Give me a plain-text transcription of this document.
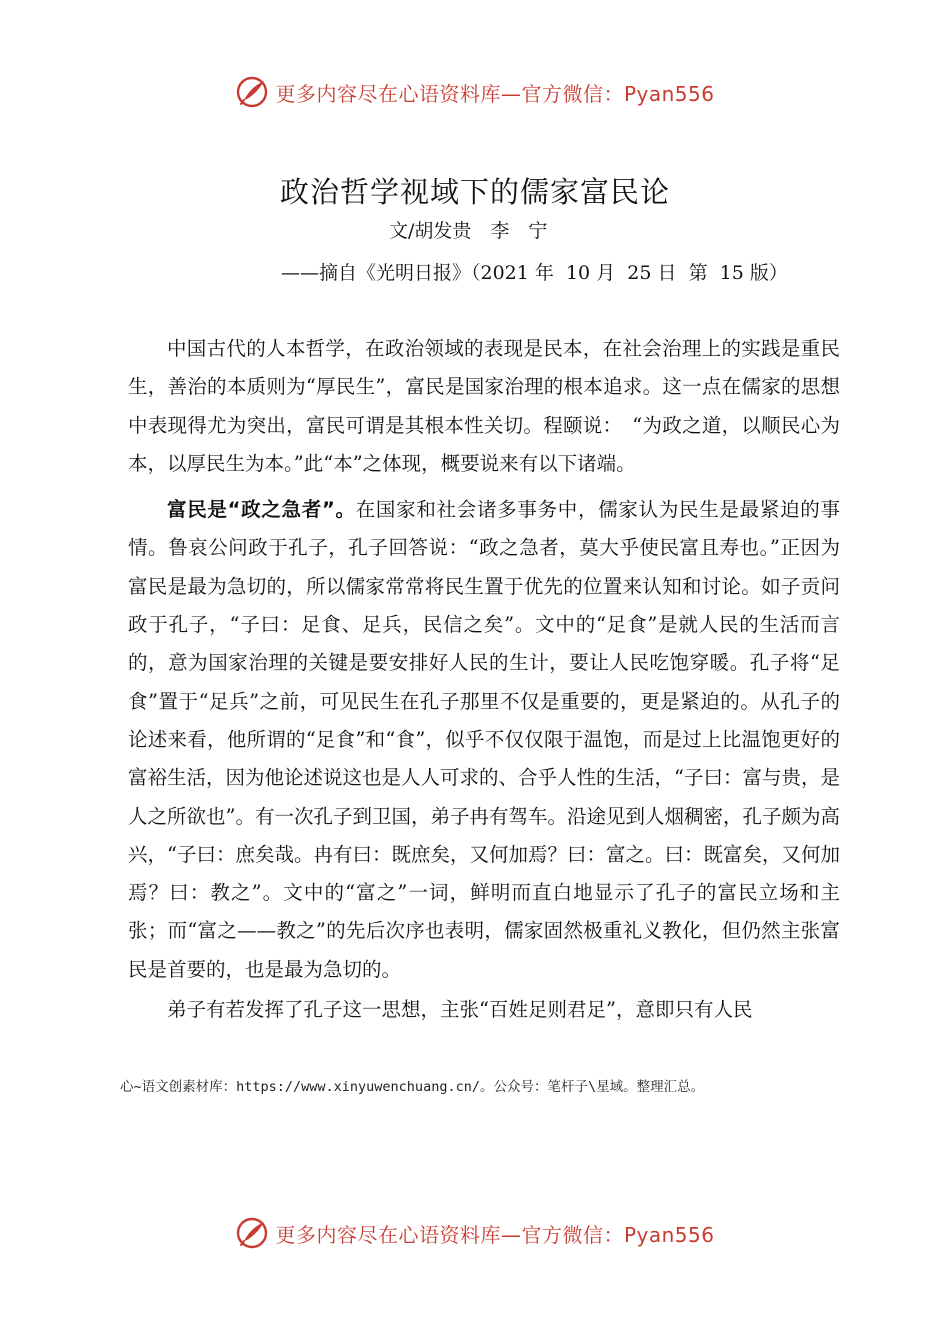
更多内容尽在心语资料库—官方微信：Pyan556
政治哲学视域下的儒家富民论
文/胡发贵　李　宁
——摘自《光明日报》（2021 年  10 月  25 日  第  15 版）

中国古代的人本哲学，在政治领域的表现是民本，在社会治理上的实践是重民生，善治的本质则为“厚民生”，富民是国家治理的根本追求。这一点在儒家的思想中表现得尤为突出，富民可谓是其根本性关切。程颐说：　“为政之道，以顺民心为本，以厚民生为本。”此“本”之体现，概要说来有以下诸端。

富民是“政之急者”。在国家和社会诸多事务中，儒家认为民生是最紧迫的事情。鲁哀公问政于孔子，孔子回答说：“政之急者，莫大乎使民富且寿也。”正因为富民是最为急切的，所以儒家常常将民生置于优先的位置来认知和讨论。如子贡问政于孔子，“子曰：足食、足兵，民信之矣”。文中的“足食”是就人民的生活而言的，意为国家治理的关键是要安排好人民的生计，要让人民吃饱穿暖。孔子将“足食”置于“足兵”之前，可见民生在孔子那里不仅是重要的，更是紧迫的。从孔子的论述来看，他所谓的“足食”和“食”，似乎不仅仅限于温饱，而是过上比温饱更好的富裕生活，因为他论述说这也是人人可求的、合乎人性的生活，“子曰：富与贵，是人之所欲也”。有一次孔子到卫国，弟子冉有驾车。沿途见到人烟稠密，孔子颇为高兴，“子曰：庶矣哉。冉有曰：既庶矣，又何加焉？曰：富之。曰：既富矣，又何加焉？曰：教之”。文中的“富之”一词，鲜明而直白地显示了孔子的富民立场和主张；而“富之——教之”的先后次序也表明，儒家固然极重礼义教化，但仍然主张富民是首要的，也是最为急切的。

弟子有若发挥了孔子这一思想，主张“百姓足则君足”，意即只有人民

心~语文创素材库：https://www.xinyuwenchuang.cn/。公众号：笔杆子\星域。整理汇总。
更多内容尽在心语资料库—官方微信：Pyan556
